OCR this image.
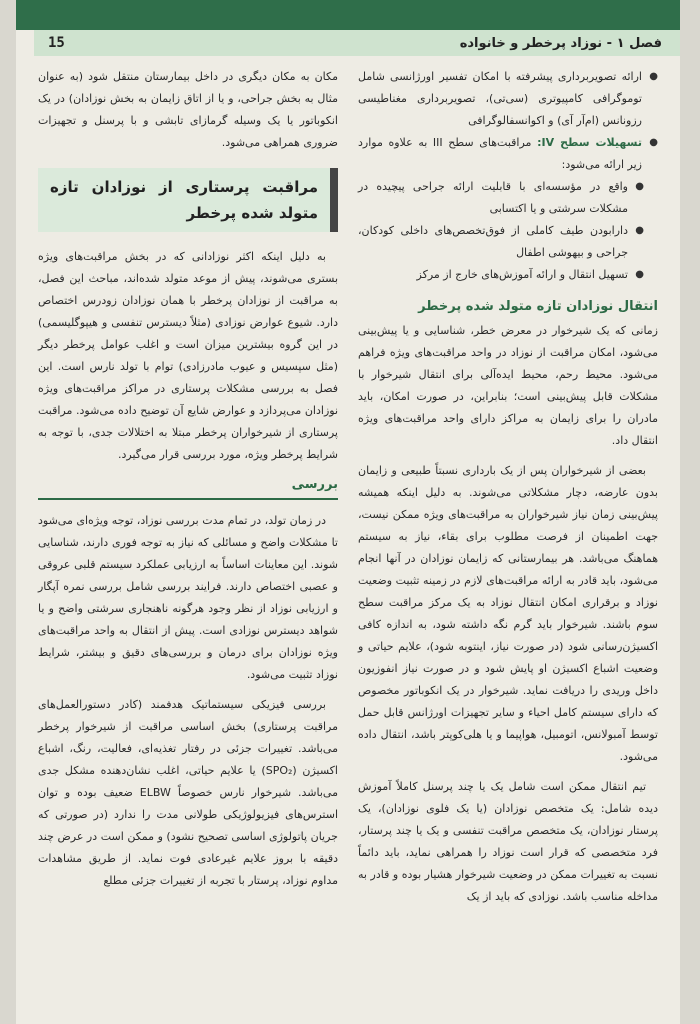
فصل ۱ - نوزاد پرخطر و خانواده
15
● ارائه تصویربرداری پیشرفته با امکان تفسیر اورژانسی شامل توموگرافی کامپیوتری (سی‌تی)، تصویربرداری مغناطیسی رزونانس (ام‌آر آی) و اکوانسفالوگرافی
● تسهیلات سطح IV: مراقبت‌های سطح III به علاوه موارد زیر ارائه می‌شود:
● واقع در مؤسسه‌ای با قابلیت ارائه جراحی پیچیده در مشکلات سرشتی و یا اکتسابی
● دارابودن طیف کاملی از فوق‌تخصص‌های داخلی کودکان، جراحی و بیهوشی اطفال
● تسهیل انتقال و ارائه آموزش‌های خارج از مرکز
انتقال نوزادان تازه متولد شده پرخطر

زمانی که یک شیرخوار در معرض خطر، شناسایی و یا پیش‌بینی می‌شود، امکان مراقبت از نوزاد در واحد مراقبت‌های ویژه فراهم می‌شود. محیط رحم، محیط ایده‌آلی برای انتقال شیرخوار با مشکلات قابل پیش‌بینی است؛ بنابراین، در صورت امکان، باید مادران را برای زایمان به مراکز دارای واحد مراقبت‌های ویژه انتقال داد.

بعضی از شیرخواران پس از یک بارداری نسبتاً طبیعی و زایمان بدون عارضه، دچار مشکلاتی می‌شوند. به دلیل اینکه همیشه پیش‌بینی زمان نیاز شیرخواران به مراقبت‌های ویژه ممکن نیست، جهت اطمینان از فرصت مطلوب برای بقاء، نیاز به سیستم هماهنگ می‌باشد. هر بیمارستانی که زایمان نوزادان در آنها انجام می‌شود، باید قادر به ارائه مراقبت‌های لازم در زمینه تثبیت وضعیت نوزاد و برقراری امکان انتقال نوزاد به یک مرکز مراقبت سطح سوم باشند. شیرخوار باید گرم نگه داشته شود، به اندازه کافی اکسیژن‌رسانی شود (در صورت نیاز، اینتوبه شود)، علایم حیاتی و وضعیت اشباع اکسیژن او پایش شود و در صورت نیاز انفوزیون داخل وریدی را دریافت نماید. شیرخوار در یک انکوباتور مخصوص که دارای سیستم کامل احیاء و سایر تجهیزات اورژانس قابل حمل توسط آمبولانس، اتومبیل، هواپیما و یا هلی‌کوپتر باشد، انتقال داده می‌شود.

تیم انتقال ممکن است شامل یک یا چند پرسنل کاملاً آموزش دیده شامل: یک متخصص نوزادان (یا یک فلوی نوزادان)، یک پرستار نوزادان، یک متخصص مراقبت تنفسی و یک یا چند پرستار، فرد متخصصی که قرار است نوزاد را همراهی نماید، باید دائماً نسبت به تغییرات ممکن در وضعیت شیرخوار هشیار بوده و قادر به مداخله مناسب باشد. نوزادی که باید از یک

مکان به مکان دیگری در داخل بیمارستان منتقل شود (به عنوان مثال به بخش جراحی، و یا از اتاق زایمان به بخش نوزادان) در یک انکوباتور یا یک وسیله گرمازای تابشی و با پرسنل و تجهیزات ضروری همراهی می‌شود.

مراقبت پرستاری از نوزادان تازه متولد شده پرخطر

به دلیل اینکه اکثر نوزادانی که در بخش مراقبت‌های ویژه بستری می‌شوند، پیش از موعد متولد شده‌اند، مباحث این فصل، به مراقبت از نوزادان پرخطر با همان نوزادان زودرس اختصاص دارد. شیوع عوارض نوزادی (مثلاً دیسترس تنفسی و هیپوگلیسمی) در این گروه بیشترین میزان است و اغلب عوامل پرخطر دیگر (مثل سپسیس و عیوب مادرزادی) توام با تولد نارس است. این فصل به بررسی مشکلات پرستاری در مراکز مراقبت‌های ویژه نوزادان می‌پردازد و عوارض شایع آن توضیح داده می‌شود. مراقبت پرستاری از شیرخواران پرخطر مبتلا به اختلالات جدی، با توجه به شرایط پرخطر ویژه، مورد بررسی قرار می‌گیرد.

بررسی

در زمان تولد، در تمام مدت بررسی نوزاد، توجه ویژه‌ای می‌شود تا مشکلات واضح و مسائلی که نیاز به توجه فوری دارند، شناسایی شوند. این معاینات اساساً به ارزیابی عملکرد سیستم قلبی عروقی و عصبی اختصاص دارند. فرایند بررسی شامل بررسی نمره آپگار و ارزیابی نوزاد از نظر وجود هرگونه ناهنجاری سرشتی واضح و یا شواهد دیسترس نوزادی است. پیش از انتقال به واحد مراقبت‌های ویژه نوزادان برای درمان و بررسی‌های دقیق و بیشتر، شرایط نوزاد تثبیت می‌شود.

بررسی فیزیکی سیستماتیک هدفمند (کادر دستورالعمل‌های مراقبت پرستاری) بخش اساسی مراقبت از شیرخوار پرخطر می‌باشد. تغییرات جزئی در رفتار تغذیه‌ای، فعالیت، رنگ، اشباع اکسیژن (SPO₂) یا علایم حیاتی، اغلب نشان‌دهنده مشکل جدی می‌باشد. شیرخوار نارس خصوصاً ELBW ضعیف بوده و توان استرس‌های فیزیولوژیکی طولانی مدت را ندارد (در صورتی که جریان پاتولوژی اساسی تصحیح نشود) و ممکن است در عرض چند دقیقه با بروز علایم غیرعادی فوت نماید. از طریق مشاهدات مداوم نوزاد، پرستار با تجربه از تغییرات جزئی مطلع
